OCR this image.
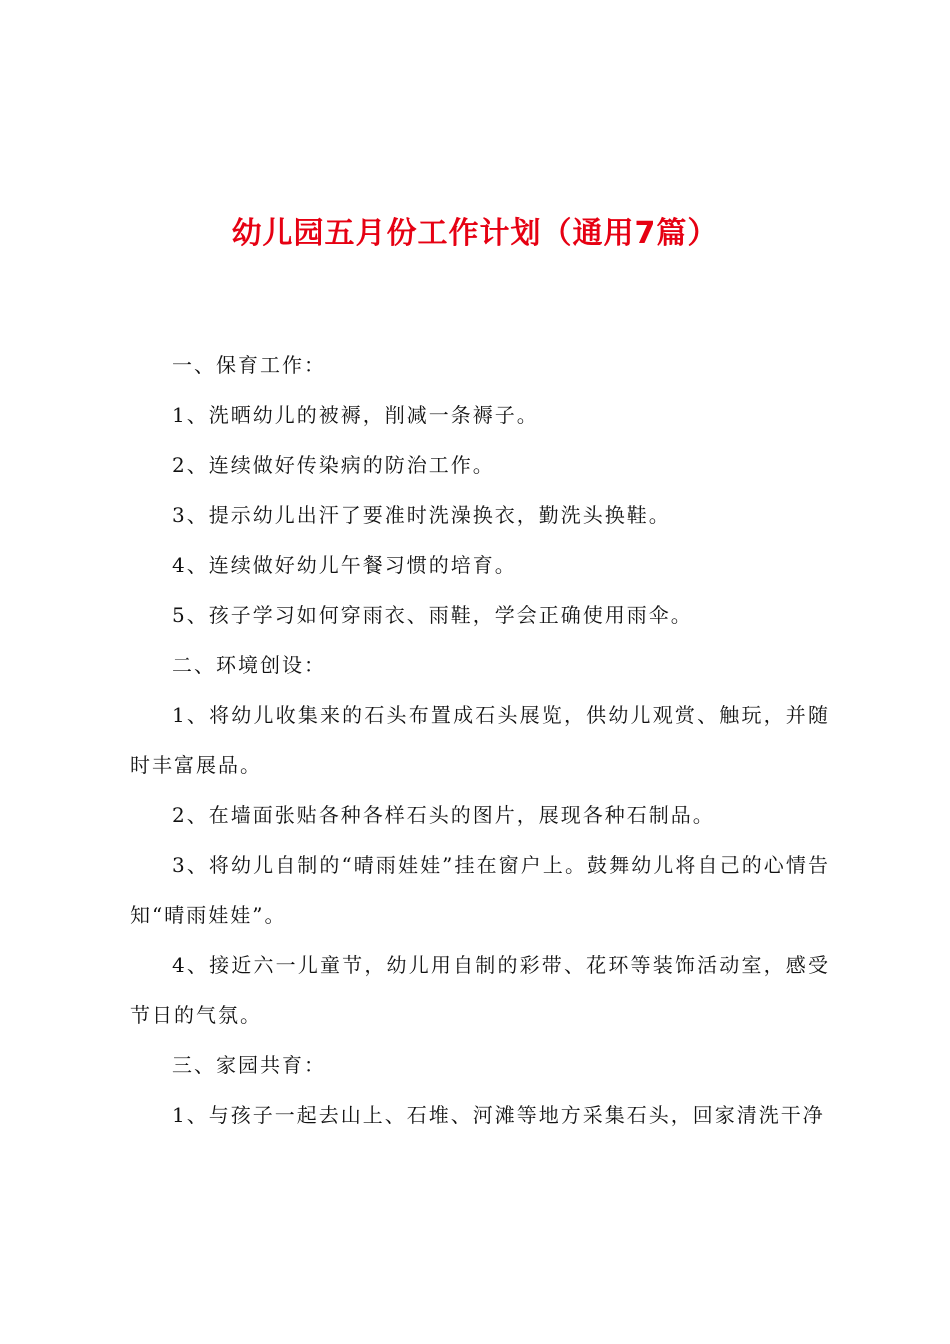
幼儿园五月份工作计划（通用7篇）

一、保育工作：

1、洗晒幼儿的被褥，削减一条褥子。

2、连续做好传染病的防治工作。

3、提示幼儿出汗了要准时洗澡换衣，勤洗头换鞋。

4、连续做好幼儿午餐习惯的培育。

5、孩子学习如何穿雨衣、雨鞋，学会正确使用雨伞。

二、环境创设：

1、将幼儿收集来的石头布置成石头展览，供幼儿观赏、触玩，并随时丰富展品。

2、在墙面张贴各种各样石头的图片，展现各种石制品。

3、将幼儿自制的“晴雨娃娃”挂在窗户上。鼓舞幼儿将自己的心情告知“晴雨娃娃”。

4、接近六一儿童节，幼儿用自制的彩带、花环等装饰活动室，感受节日的气氛。

三、家园共育：

1、与孩子一起去山上、石堆、河滩等地方采集石头，回家清洗干净
